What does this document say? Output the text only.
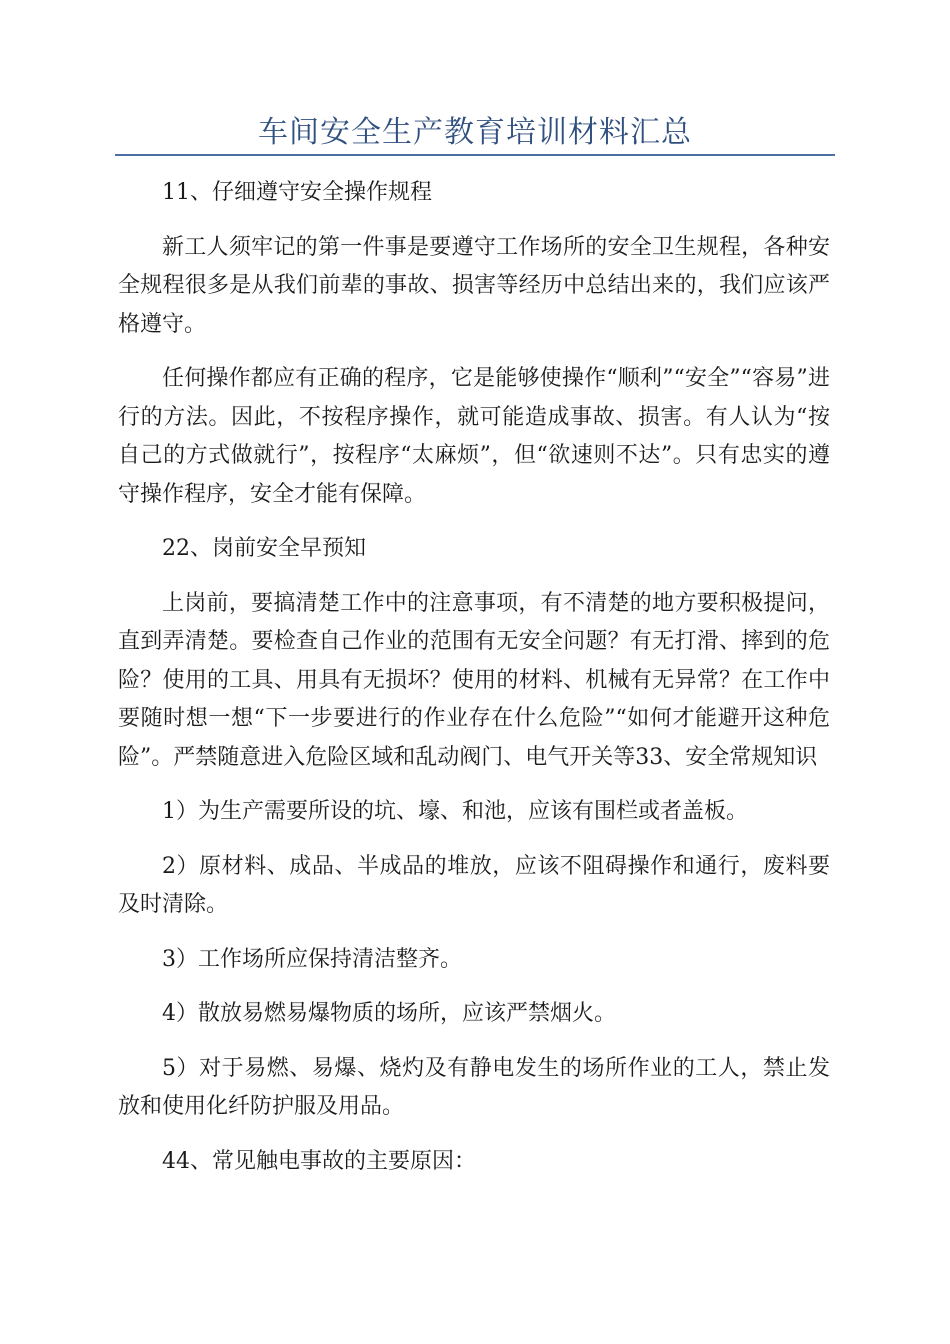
车间安全生产教育培训材料汇总

11、仔细遵守安全操作规程

新工人须牢记的第一件事是要遵守工作场所的安全卫生规程，各种安全规程很多是从我们前辈的事故、损害等经历中总结出来的，我们应该严格遵守。

任何操作都应有正确的程序，它是能够使操作“顺利”“安全”“容易”进行的方法。因此，不按程序操作，就可能造成事故、损害。有人认为“按自己的方式做就行”，按程序“太麻烦”，但“欲速则不达”。只有忠实的遵守操作程序，安全才能有保障。

22、岗前安全早预知

上岗前，要搞清楚工作中的注意事项，有不清楚的地方要积极提问，直到弄清楚。要检查自己作业的范围有无安全问题？有无打滑、摔到的危险？使用的工具、用具有无损坏？使用的材料、机械有无异常？在工作中要随时想一想“下一步要进行的作业存在什么危险”“如何才能避开这种危险”。严禁随意进入危险区域和乱动阀门、电气开关等33、安全常规知识

1）为生产需要所设的坑、壕、和池，应该有围栏或者盖板。

2）原材料、成品、半成品的堆放，应该不阻碍操作和通行，废料要及时清除。

3）工作场所应保持清洁整齐。

4）散放易燃易爆物质的场所，应该严禁烟火。

5）对于易燃、易爆、烧灼及有静电发生的场所作业的工人，禁止发放和使用化纤防护服及用品。

44、常见触电事故的主要原因：
